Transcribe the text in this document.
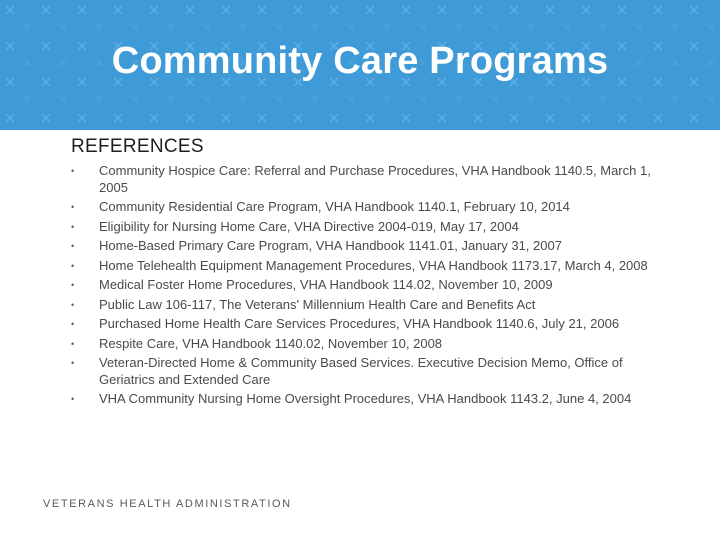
Community Care Programs
REFERENCES
• Community Hospice Care: Referral and Purchase Procedures, VHA Handbook 1140.5, March 1, 2005
• Community Residential Care Program, VHA Handbook 1140.1, February 10, 2014
• Eligibility for Nursing Home Care, VHA Directive 2004-019, May 17, 2004
• Home-Based Primary Care Program, VHA Handbook 1141.01, January 31, 2007
• Home Telehealth Equipment Management Procedures, VHA Handbook 1173.17, March 4, 2008
• Medical Foster Home Procedures, VHA Handbook 114.02, November 10, 2009
• Public Law 106-117, The Veterans' Millennium Health Care and Benefits Act
• Purchased Home Health Care Services Procedures, VHA Handbook 1140.6, July 21, 2006
• Respite Care, VHA Handbook 1140.02, November 10, 2008
• Veteran-Directed Home & Community Based Services. Executive Decision Memo, Office of Geriatrics and Extended Care
• VHA Community Nursing Home Oversight Procedures, VHA Handbook 1143.2, June 4, 2004
VETERANS HEALTH ADMINISTRATION
